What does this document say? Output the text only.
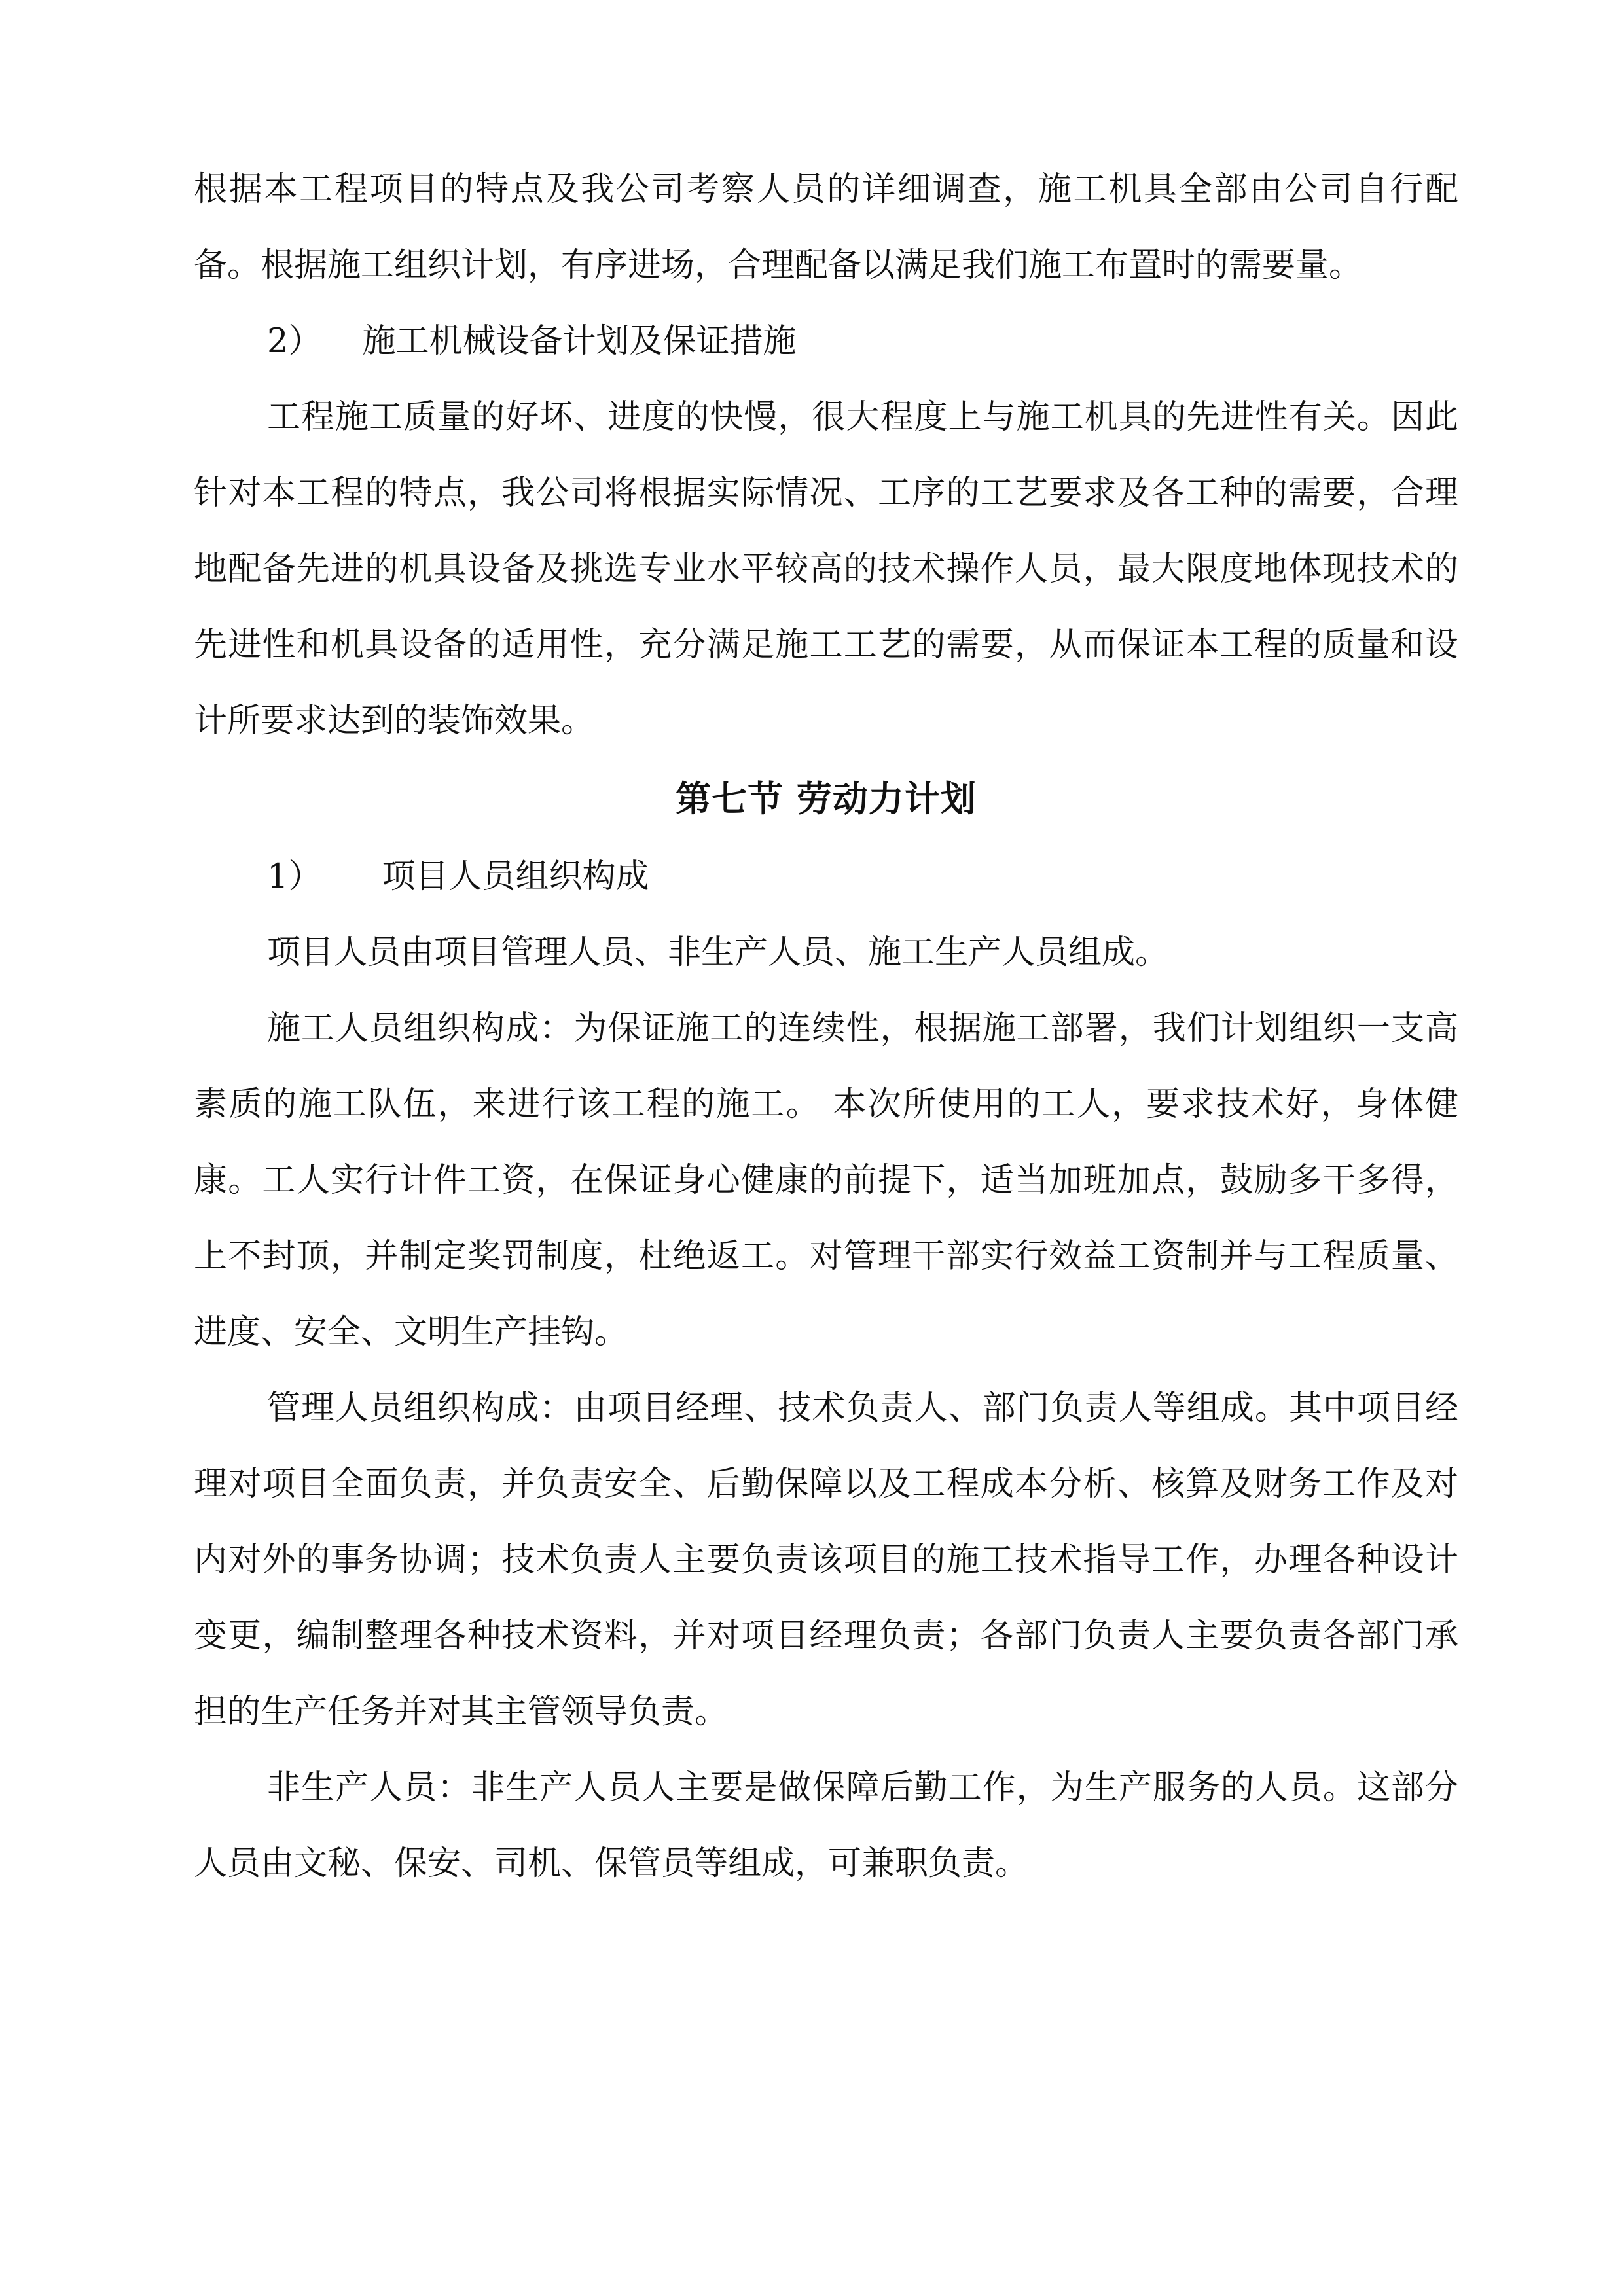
根据本工程项目的特点及我公司考察人员的详细调查，施工机具全部由公司自行配备。根据施工组织计划，有序进场，合理配备以满足我们施工布置时的需要量。

2） 施工机械设备计划及保证措施

工程施工质量的好坏、进度的快慢，很大程度上与施工机具的先进性有关。因此针对本工程的特点，我公司将根据实际情况、工序的工艺要求及各工种的需要，合理地配备先进的机具设备及挑选专业水平较高的技术操作人员，最大限度地体现技术的先进性和机具设备的适用性，充分满足施工工艺的需要，从而保证本工程的质量和设计所要求达到的装饰效果。

第七节 劳动力计划

1） 项目人员组织构成

项目人员由项目管理人员、非生产人员、施工生产人员组成。

施工人员组织构成：为保证施工的连续性，根据施工部署，我们计划组织一支高素质的施工队伍，来进行该工程的施工。 本次所使用的工人，要求技术好，身体健康。工人实行计件工资，在保证身心健康的前提下，适当加班加点，鼓励多干多得，上不封顶，并制定奖罚制度，杜绝返工。对管理干部实行效益工资制并与工程质量、进度、安全、文明生产挂钩。

管理人员组织构成：由项目经理、技术负责人、部门负责人等组成。其中项目经理对项目全面负责，并负责安全、后勤保障以及工程成本分析、核算及财务工作及对内对外的事务协调；技术负责人主要负责该项目的施工技术指导工作，办理各种设计变更，编制整理各种技术资料，并对项目经理负责；各部门负责人主要负责各部门承担的生产任务并对其主管领导负责。

非生产人员：非生产人员人主要是做保障后勤工作，为生产服务的人员。这部分人员由文秘、保安、司机、保管员等组成，可兼职负责。
